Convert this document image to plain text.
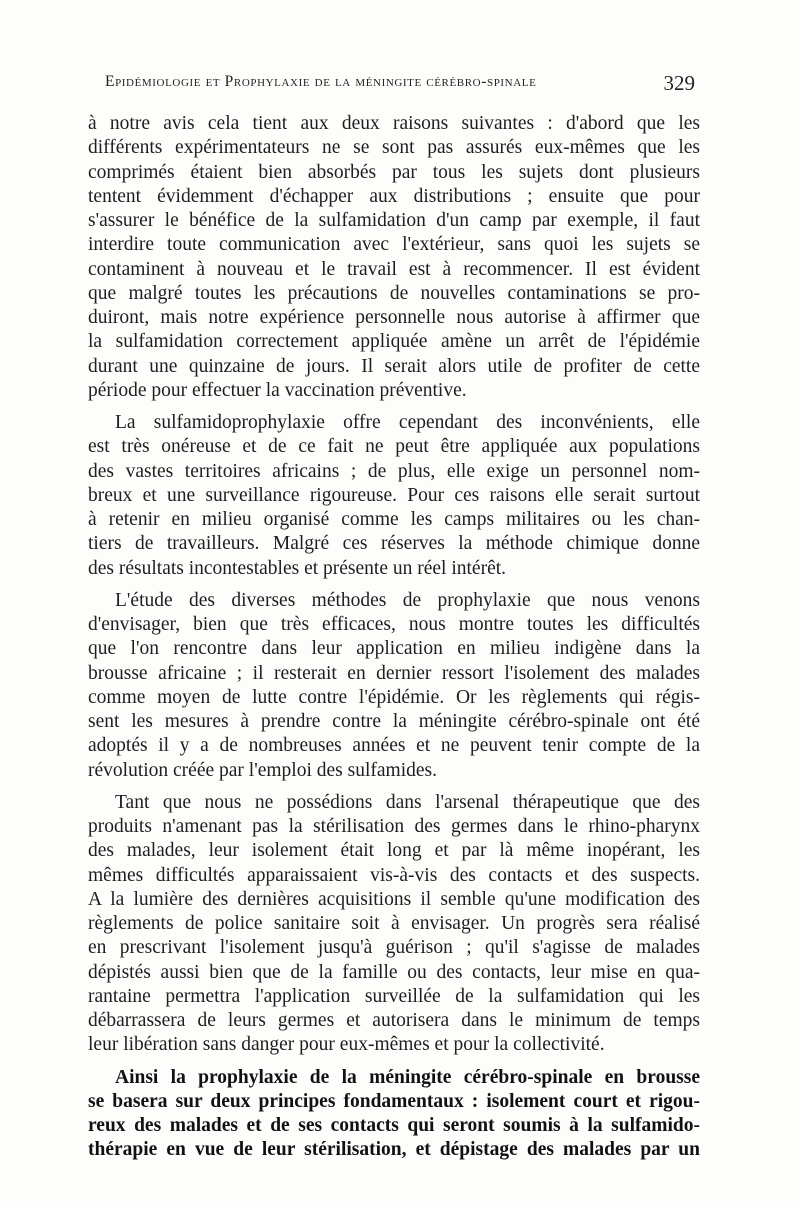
Epidémiologie et Prophylaxie de la méningite cérébro-spinale	329
à notre avis cela tient aux deux raisons suivantes : d'abord que les
différents expérimentateurs ne se sont pas assurés eux-mêmes que les
comprimés étaient bien absorbés par tous les sujets dont plusieurs
tentent évidemment d'échapper aux distributions ; ensuite que pour
s'assurer le bénéfice de la sulfamidation d'un camp par exemple, il faut
interdire toute communication avec l'extérieur, sans quoi les sujets se
contaminent à nouveau et le travail est à recommencer. Il est évident
que malgré toutes les précautions de nouvelles contaminations se pro-
duiront, mais notre expérience personnelle nous autorise à affirmer que
la sulfamidation correctement appliquée amène un arrêt de l'épidémie
durant une quinzaine de jours. Il serait alors utile de profiter de cette
période pour effectuer la vaccination préventive.
La sulfamidoprophylaxie offre cependant des inconvénients, elle
est très onéreuse et de ce fait ne peut être appliquée aux populations
des vastes territoires africains ; de plus, elle exige un personnel nom-
breux et une surveillance rigoureuse. Pour ces raisons elle serait surtout
à retenir en milieu organisé comme les camps militaires ou les chan-
tiers de travailleurs. Malgré ces réserves la méthode chimique donne
des résultats incontestables et présente un réel intérêt.
L'étude des diverses méthodes de prophylaxie que nous venons
d'envisager, bien que très efficaces, nous montre toutes les difficultés
que l'on rencontre dans leur application en milieu indigène dans la
brousse africaine ; il resterait en dernier ressort l'isolement des malades
comme moyen de lutte contre l'épidémie. Or les règlements qui régis-
sent les mesures à prendre contre la méningite cérébro-spinale ont été
adoptés il y a de nombreuses années et ne peuvent tenir compte de la
révolution créée par l'emploi des sulfamides.
Tant que nous ne possédions dans l'arsenal thérapeutique que des
produits n'amenant pas la stérilisation des germes dans le rhino-pharynx
des malades, leur isolement était long et par là même inopérant, les
mêmes difficultés apparaissaient vis-à-vis des contacts et des suspects.
A la lumière des dernières acquisitions il semble qu'une modification des
règlements de police sanitaire soit à envisager. Un progrès sera réalisé
en prescrivant l'isolement jusqu'à guérison ; qu'il s'agisse de malades
dépistés aussi bien que de la famille ou des contacts, leur mise en qua-
rantaine permettra l'application surveillée de la sulfamidation qui les
débarrassera de leurs germes et autorisera dans le minimum de temps
leur libération sans danger pour eux-mêmes et pour la collectivité.
Ainsi la prophylaxie de la méningite cérébro-spinale en brousse
se basera sur deux principes fondamentaux : isolement court et rigou-
reux des malades et de ses contacts qui seront soumis à la sulfamido-
thérapie en vue de leur stérilisation, et dépistage des malades par un
